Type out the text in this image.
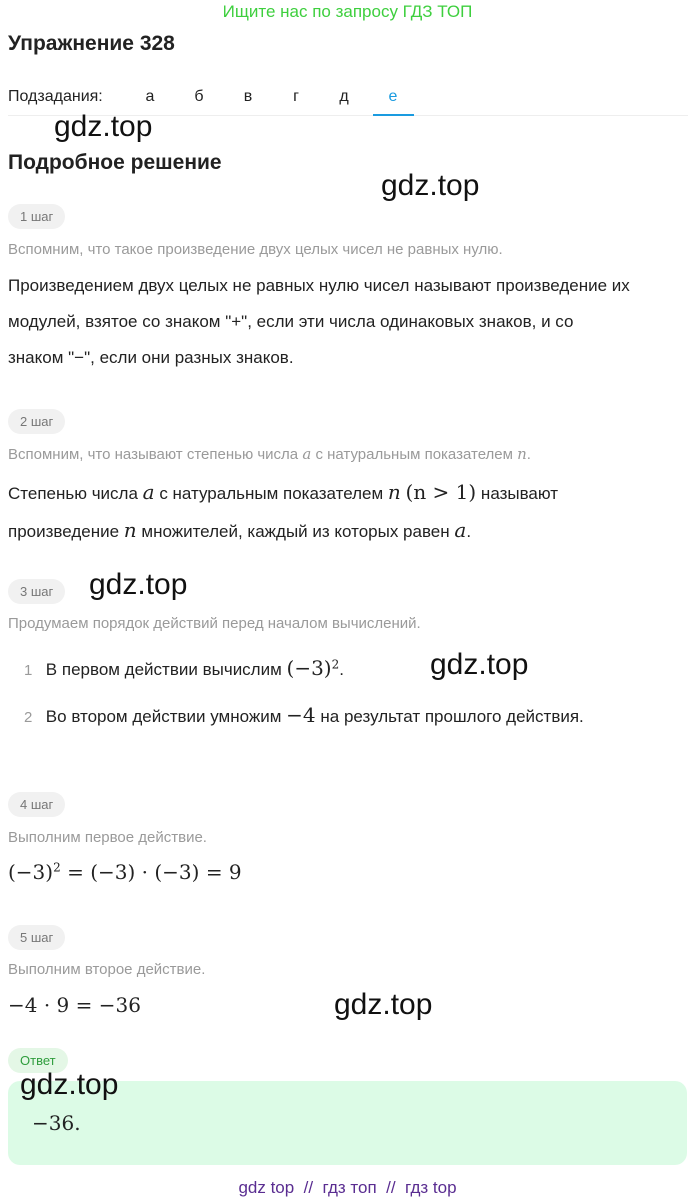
Ищите нас по запросу ГДЗ ТОП
Упражнение 328
Подзадания:	а	б	в	г	д	е
gdz.top
Подробное решение
gdz.top
1 шаг
Вспомним, что такое произведение двух целых чисел не равных нулю.
Произведением двух целых не равных нулю чисел называют произведение их
модулей, взятое со знаком "+", если эти числа одинаковых знаков, и со
знаком "−", если они разных знаков.
2 шаг
Вспомним, что называют степенью числа a с натуральным показателем n.
Степенью числа a с натуральным показателем n (n > 1) называют
произведение n множителей, каждый из которых равен a.
3 шаг	gdz.top
Продумаем порядок действий перед началом вычислений.
1 В первом действии вычислим $(-3)^2$.	gdz.top
2 Во втором действии умножим −4 на результат прошлого действия.
4 шаг
Выполним первое действие.
$(-3)^2 = (-3) \cdot (-3) = 9$
5 шаг
Выполним второе действие.
−4 · 9 = −36	gdz.top
Ответ
gdz.top
−36.
gdz top  //  гдз топ  //  гдз top
